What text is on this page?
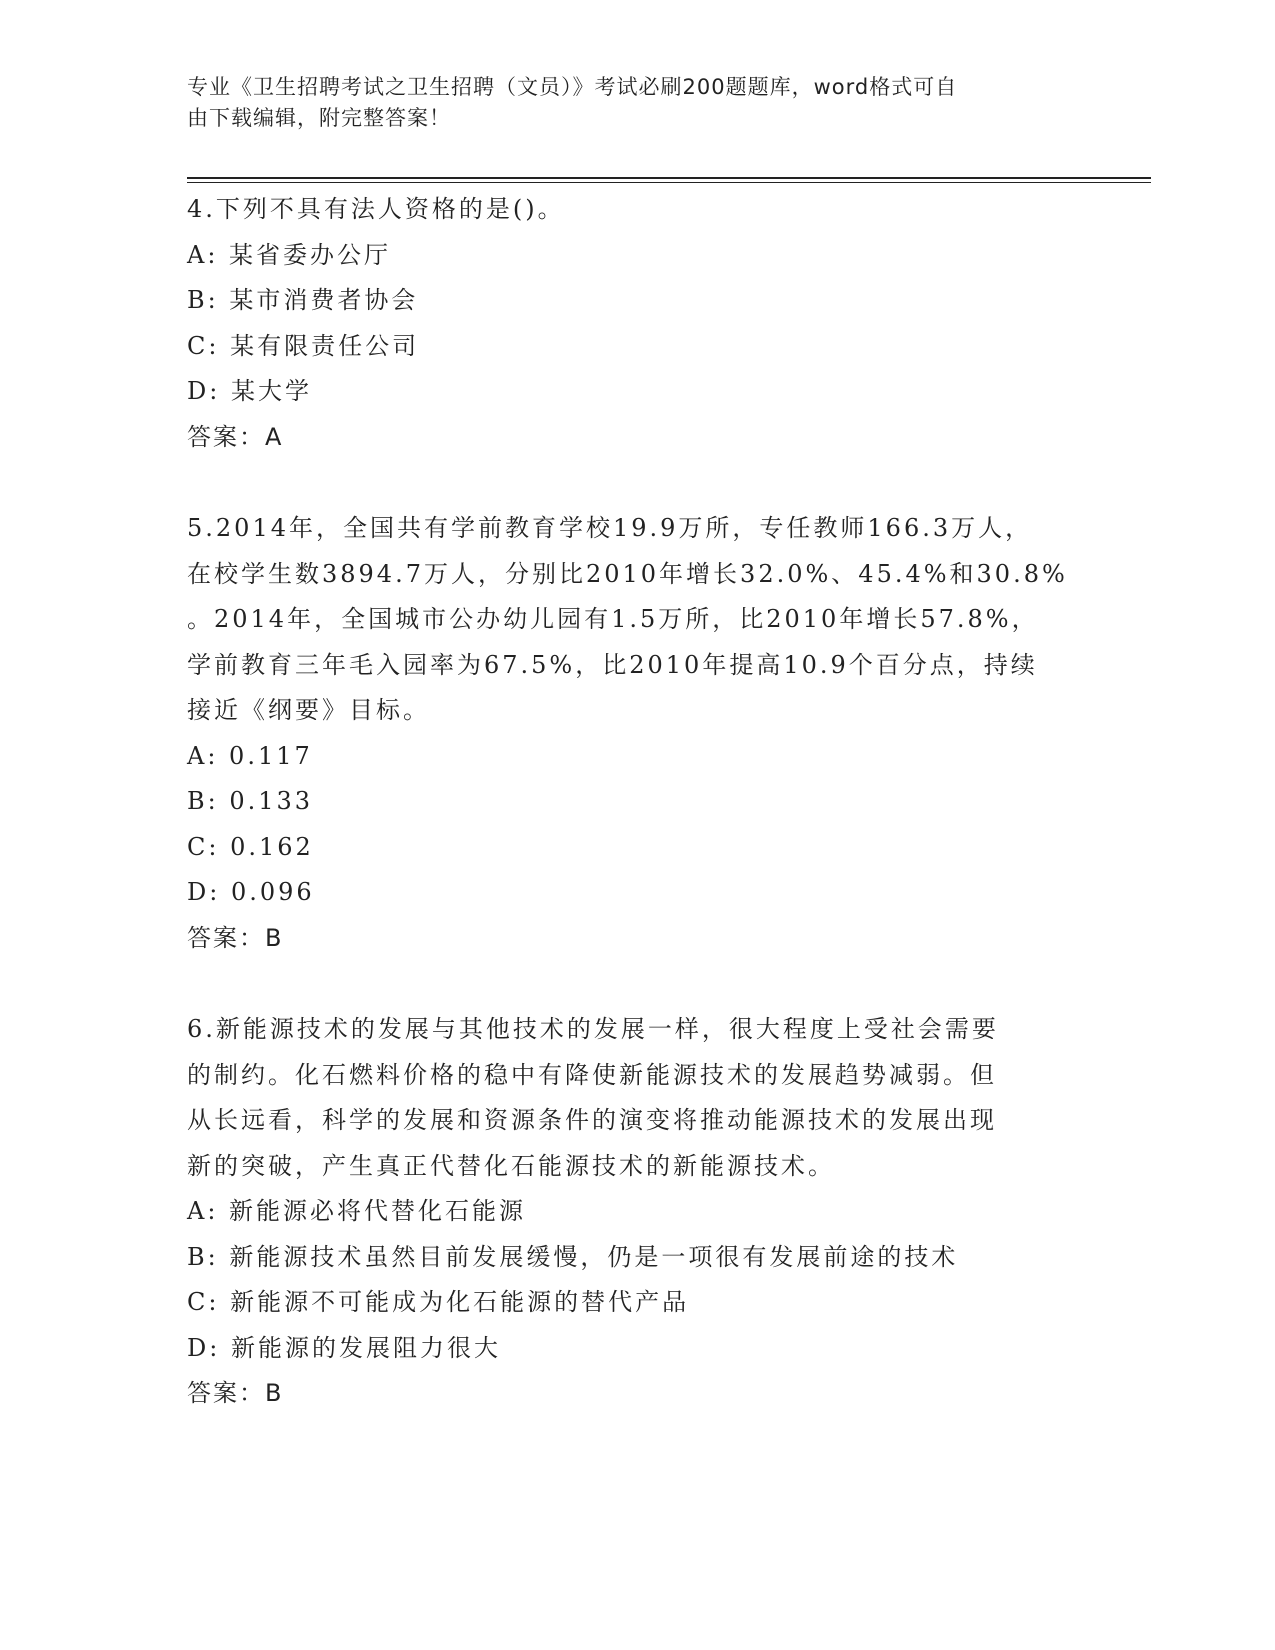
专业《卫生招聘考试之卫生招聘（文员）》考试必刷200题题库，word格式可自

由下载编辑，附完整答案！

4.下列不具有法人资格的是()。

A: 某省委办公厅

B: 某市消费者协会

C: 某有限责任公司

D: 某大学

答案：A

5.2014年，全国共有学前教育学校19.9万所，专任教师166.3万人，

在校学生数3894.7万人，分别比2010年增长32.0%、45.4%和30.8%

。2014年，全国城市公办幼儿园有1.5万所，比2010年增长57.8%，

学前教育三年毛入园率为67.5%，比2010年提高10.9个百分点，持续

接近《纲要》目标。

A: 0.117

B: 0.133

C: 0.162

D: 0.096

答案：B

6.新能源技术的发展与其他技术的发展一样，很大程度上受社会需要

的制约。化石燃料价格的稳中有降使新能源技术的发展趋势减弱。但

从长远看，科学的发展和资源条件的演变将推动能源技术的发展出现

新的突破，产生真正代替化石能源技术的新能源技术。

A: 新能源必将代替化石能源

B: 新能源技术虽然目前发展缓慢，仍是一项很有发展前途的技术

C: 新能源不可能成为化石能源的替代产品

D: 新能源的发展阻力很大

答案：B
